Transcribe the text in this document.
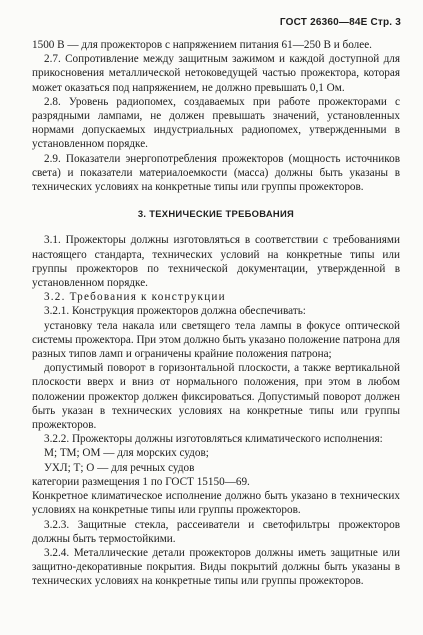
ГОСТ 26360—84Е Стр. 3

1500 В — для прожекторов с напряжением питания 61—250 В и более.

2.7. Сопротивление между защитным зажимом и каждой доступной для прикосновения металлической нетоковедущей частью прожектора, которая может оказаться под напряжением, не должно превышать 0,1 Ом.

2.8. Уровень радиопомех, создаваемых при работе прожекторами с разрядными лампами, не должен превышать значений, установленных нормами допускаемых индустриальных радиопомех, утвержденными в установленном порядке.

2.9. Показатели энергопотребления прожекторов (мощность источников света) и показатели материалоемкости (масса) должны быть указаны в технических условиях на конкретные типы или группы прожекторов.

3. ТЕХНИЧЕСКИЕ ТРЕБОВАНИЯ

3.1. Прожекторы должны изготовляться в соответствии с требованиями настоящего стандарта, технических условий на конкретные типы или группы прожекторов по технической документации, утвержденной в установленном порядке.

3.2. Требования к конструкции

3.2.1. Конструкция прожекторов должна обеспечивать:

установку тела накала или светящего тела лампы в фокусе оптической системы прожектора. При этом должно быть указано положение патрона для разных типов ламп и ограничены крайние положения патрона;

допустимый поворот в горизонтальной плоскости, а также вертикальной плоскости вверх и вниз от нормального положения, при этом в любом положении прожектор должен фиксироваться. Допустимый поворот должен быть указан в технических условиях на конкретные типы или группы прожекторов.

3.2.2. Прожекторы должны изготовляться климатического исполнения:

М; ТМ; ОМ — для морских судов;

УХЛ; Т; О — для речных судов

категории размещения 1 по ГОСТ 15150—69.

Конкретное климатическое исполнение должно быть указано в технических условиях на конкретные типы или группы прожекторов.

3.2.3. Защитные стекла, рассеиватели и светофильтры прожекторов должны быть термостойкими.

3.2.4. Металлические детали прожекторов должны иметь защитные или защитно-декоративные покрытия. Виды покрытий должны быть указаны в технических условиях на конкретные типы или группы прожекторов.
